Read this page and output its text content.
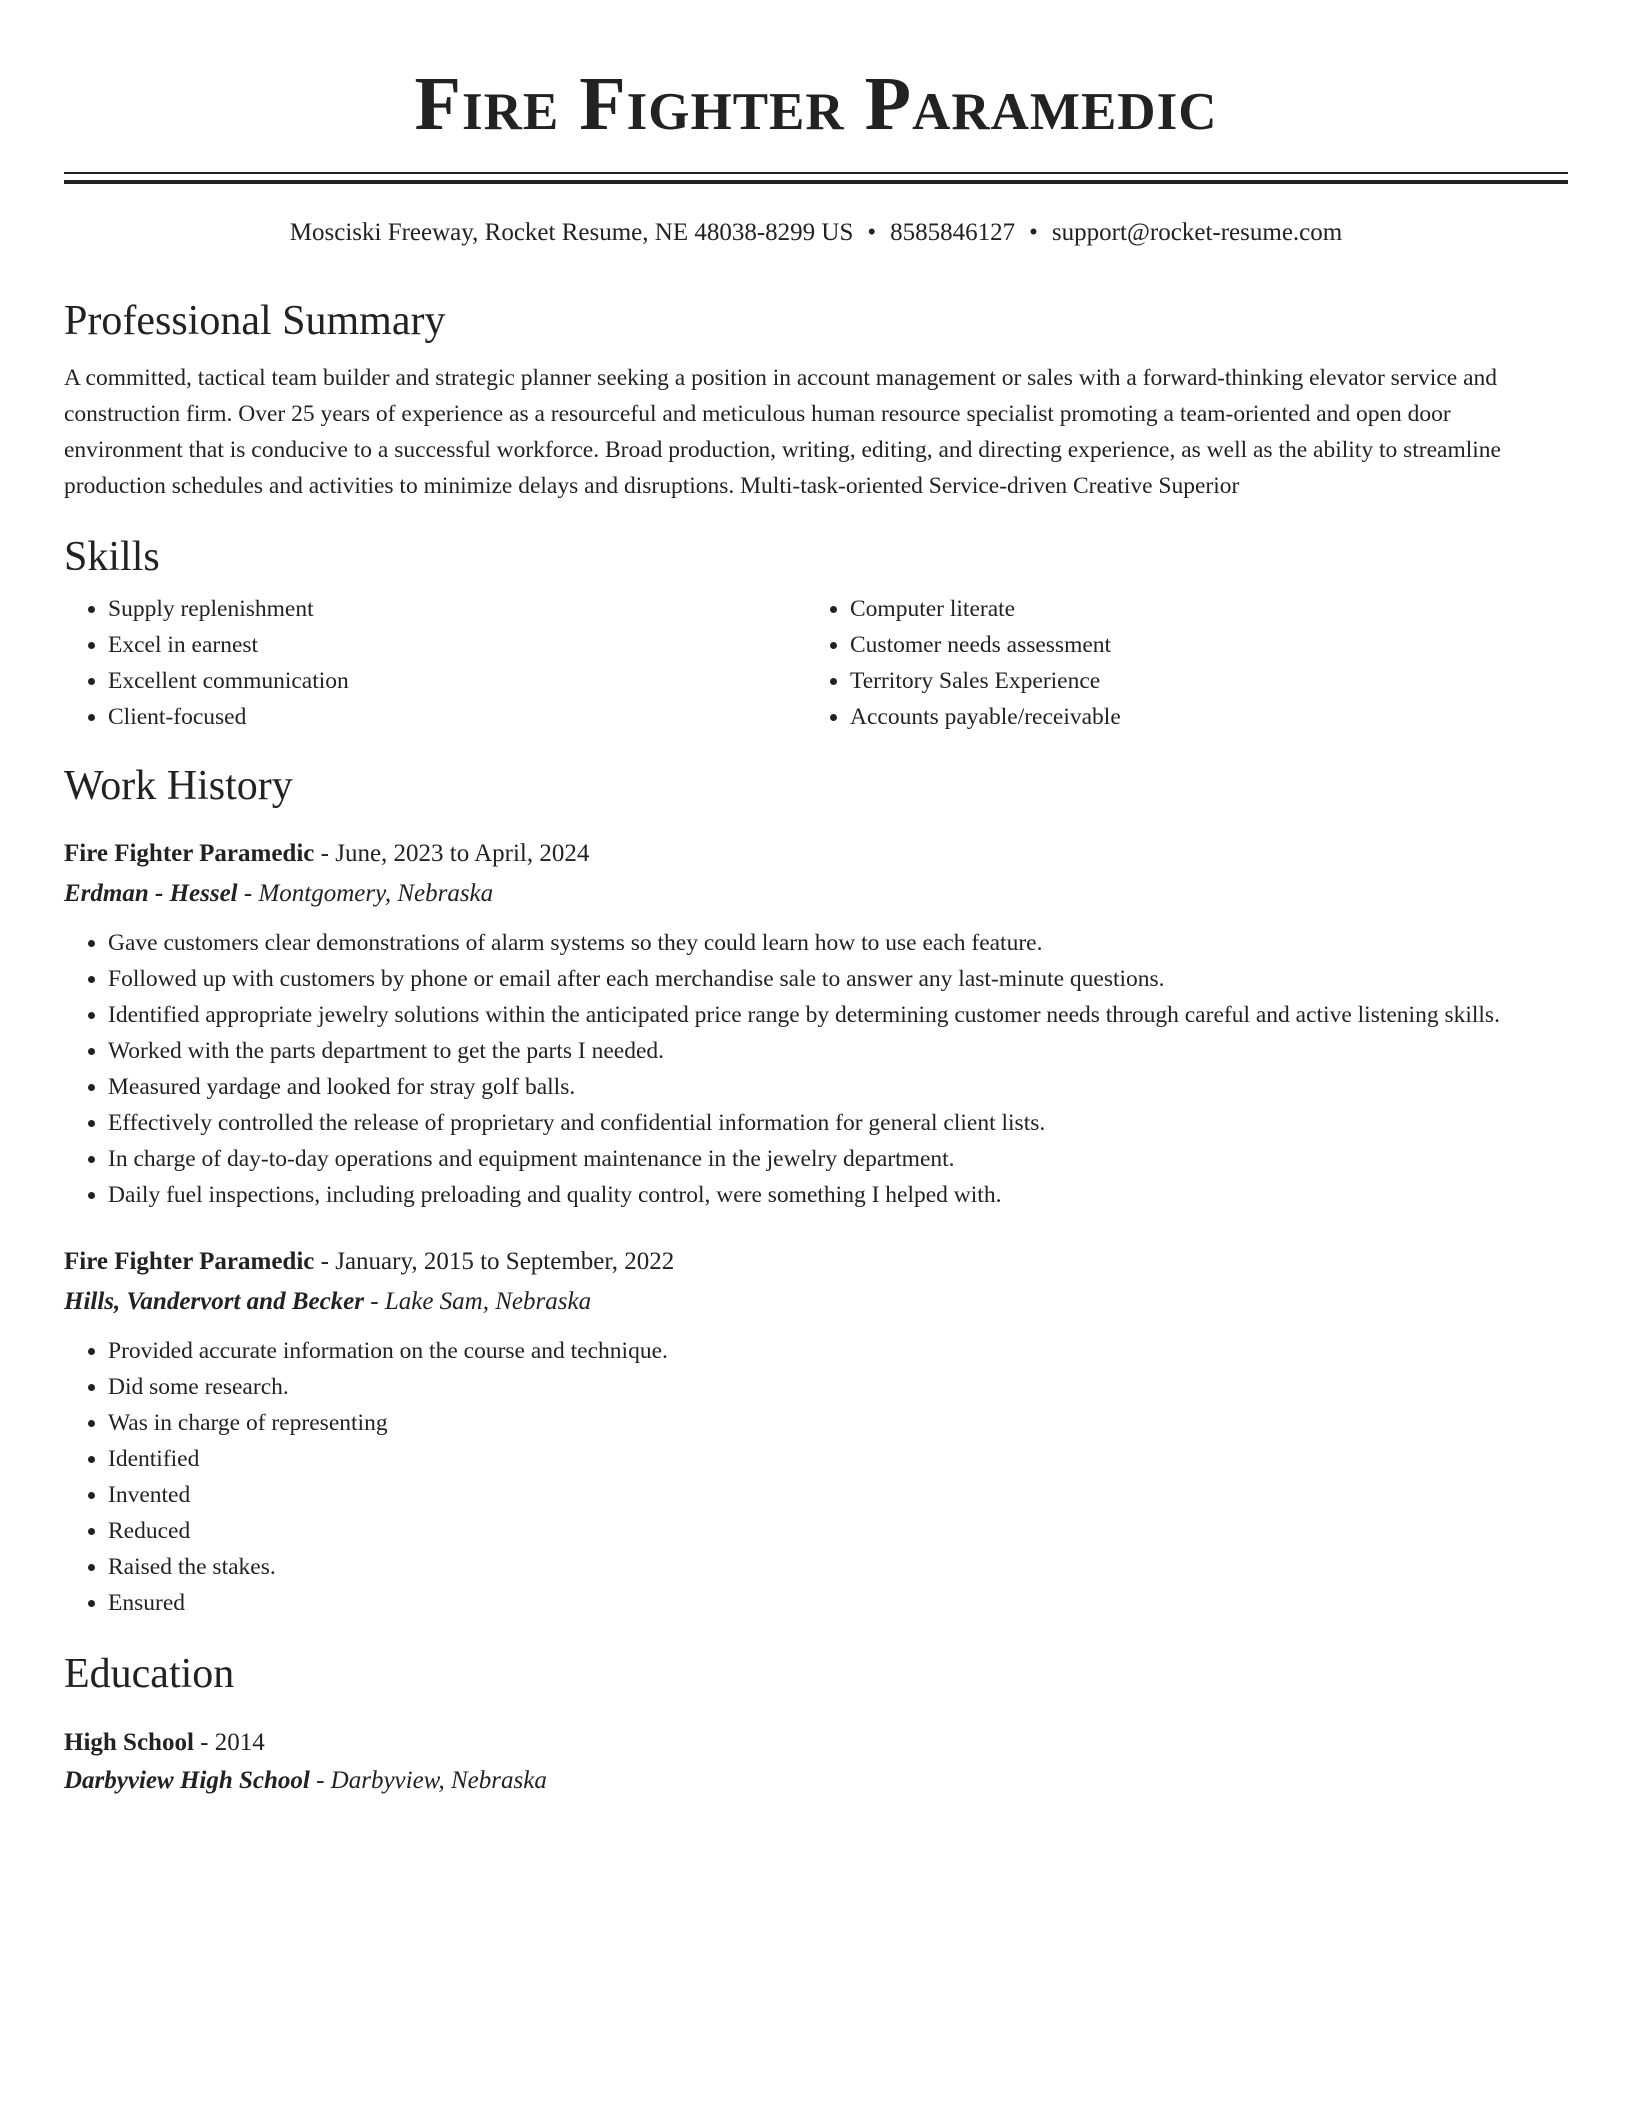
Fire Fighter Paramedic
Mosciski Freeway, Rocket Resume, NE 48038-8299 US • 8585846127 • support@rocket-resume.com
Professional Summary
A committed, tactical team builder and strategic planner seeking a position in account management or sales with a forward-thinking elevator service and construction firm. Over 25 years of experience as a resourceful and meticulous human resource specialist promoting a team-oriented and open door environment that is conducive to a successful workforce. Broad production, writing, editing, and directing experience, as well as the ability to streamline production schedules and activities to minimize delays and disruptions. Multi-task-oriented Service-driven Creative Superior
Skills
• Supply replenishment
• Excel in earnest
• Excellent communication
• Client-focused
• Computer literate
• Customer needs assessment
• Territory Sales Experience
• Accounts payable/receivable
Work History
Fire Fighter Paramedic - June, 2023 to April, 2024
Erdman - Hessel - Montgomery, Nebraska
• Gave customers clear demonstrations of alarm systems so they could learn how to use each feature.
• Followed up with customers by phone or email after each merchandise sale to answer any last-minute questions.
• Identified appropriate jewelry solutions within the anticipated price range by determining customer needs through careful and active listening skills.
• Worked with the parts department to get the parts I needed.
• Measured yardage and looked for stray golf balls.
• Effectively controlled the release of proprietary and confidential information for general client lists.
• In charge of day-to-day operations and equipment maintenance in the jewelry department.
• Daily fuel inspections, including preloading and quality control, were something I helped with.
Fire Fighter Paramedic - January, 2015 to September, 2022
Hills, Vandervort and Becker - Lake Sam, Nebraska
• Provided accurate information on the course and technique.
• Did some research.
• Was in charge of representing
• Identified
• Invented
• Reduced
• Raised the stakes.
• Ensured
Education
High School - 2014
Darbyview High School - Darbyview, Nebraska
